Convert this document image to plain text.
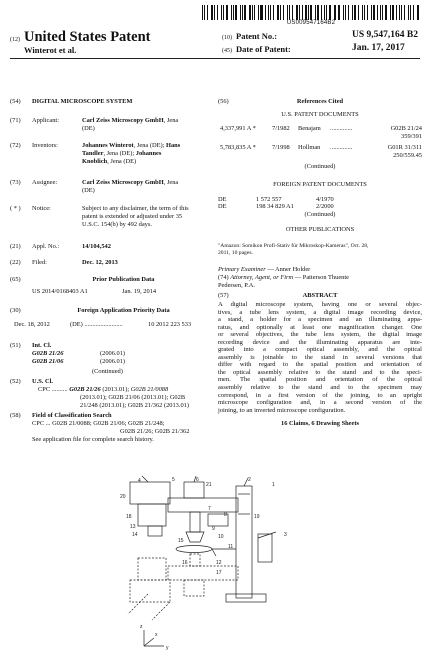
US009547164B2
(12) United States Patent
Winterot et al.
(10) Patent No.:	US 9,547,164 B2
(45) Date of Patent:	Jan. 17, 2017
(54)	DIGITAL MICROSCOPE SYSTEM
(71)	Applicant:	Carl Zeiss Microscopy GmbH, Jena
(DE)
(72)	Inventors:	Johannes Winterot, Jena (DE); Hans
Tandler, Jena (DE); Johannes
Knoblich, Jena (DE)
(73)	Assignee:	Carl Zeiss Microscopy GmbH, Jena
(DE)
( * )	Notice:	Subject to any disclaimer, the term of this
patent is extended or adjusted under 35
U.S.C. 154(b) by 492 days.
(21)	Appl. No.:	14/104,542
(22)	Filed:	Dec. 12, 2013
(65)	Prior Publication Data
US 2014/0168403 A1	Jan. 19, 2014
(30)	Foreign Application Priority Data
Dec. 18, 2012	(DE) ........................	10 2012 223 533
(51)	Int. Cl.
G02B 21/26	(2006.01)
G02B 21/06	(2006.01)
(Continued)
(52)	U.S. Cl.
CPC .......... G02B 21/26 (2013.01); G02B 21/0088
(2013.01); G02B 21/06 (2013.01); G02B
21/248 (2013.01); G02B 21/362 (2013.01)
(58)	Field of Classification Search
CPC ... G02B 21/0088; G02B 21/06; G02B 21/248;
G02B 21/26; G02B 21/362
See application file for complete search history.
(56)	References Cited
U.S. PATENT DOCUMENTS
4,337,991 A *	7/1982 Benajam ..............	G02B 21/24
359/391
5,783,835 A *	7/1998 Hollman ..............	G01R 31/311
250/559.45
(Continued)
FOREIGN PATENT DOCUMENTS
DE	1 572 557	4/1970
DE	198 34 829 A1	2/2000
(Continued)
OTHER PUBLICATIONS
"Amazon: Somikon Profi-Stativ für Mikroskop-Kameras", Oct. 28,
2011, 10 pages.
Primary Examiner — Anner Holder
(74) Attorney, Agent, or Firm — Patterson Thuente
Pedersen, P.A.
(57)	ABSTRACT
A digital microscope system, having one or several objec-
tives, a tube lens system, a digital image recording device,
a stand, a holder for a specimen and an illuminating appa-
ratus, and optionally at least one magnification changer. One
or several objectives, the tube lens system, the digital image
recording device and the illuminating apparatus are inte-
grated into a compact optical assembly, and the optical
assembly is joinable to the stand in several versions that
differ with regard to the spatial position and orientation of
the optical assembly relative to the stand and to the speci-
men. The spatial position and orientation of the optical
assembly relative to the stand and to the specimen may
correspond, in a first version of the joining, to an upright
microscope configuration and, in a second version of the
joining, to an inverted microscope configuration.
16 Claims, 6 Drawing Sheets
1
2
3
4	5	6
7
8
9
10
11
12
13
14
15
16
17
18	19
20
21
z
y
x
